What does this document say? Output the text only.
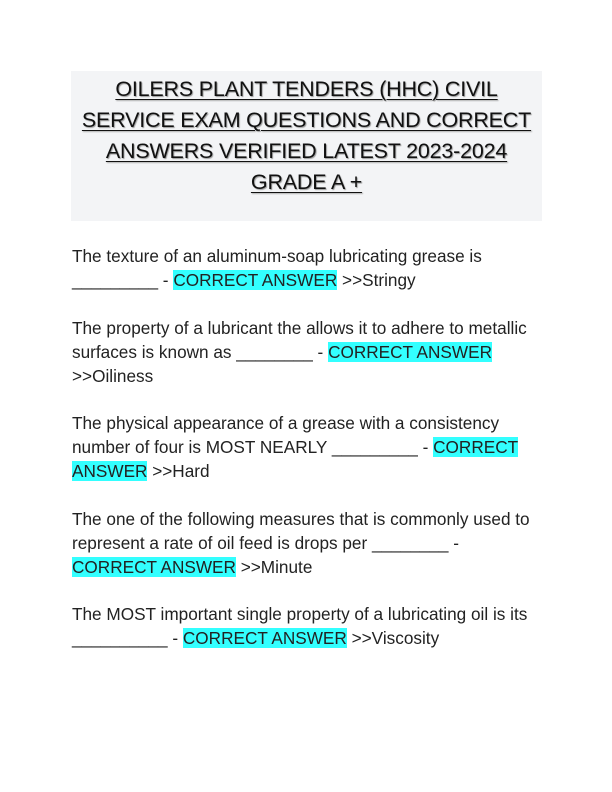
OILERS PLANT TENDERS (HHC) CIVIL SERVICE EXAM QUESTIONS AND CORRECT ANSWERS VERIFIED LATEST 2023-2024 GRADE A +

The texture of an aluminum-soap lubricating grease is _________ - CORRECT ANSWER >>Stringy

The property of a lubricant the allows it to adhere to metallic surfaces is known as ________ - CORRECT ANSWER >>Oiliness

The physical appearance of a grease with a consistency number of four is MOST NEARLY _________ - CORRECT ANSWER >>Hard

The one of the following measures that is commonly used to represent a rate of oil feed is drops per ________ - CORRECT ANSWER >>Minute

The MOST important single property of a lubricating oil is its __________ - CORRECT ANSWER >>Viscosity
